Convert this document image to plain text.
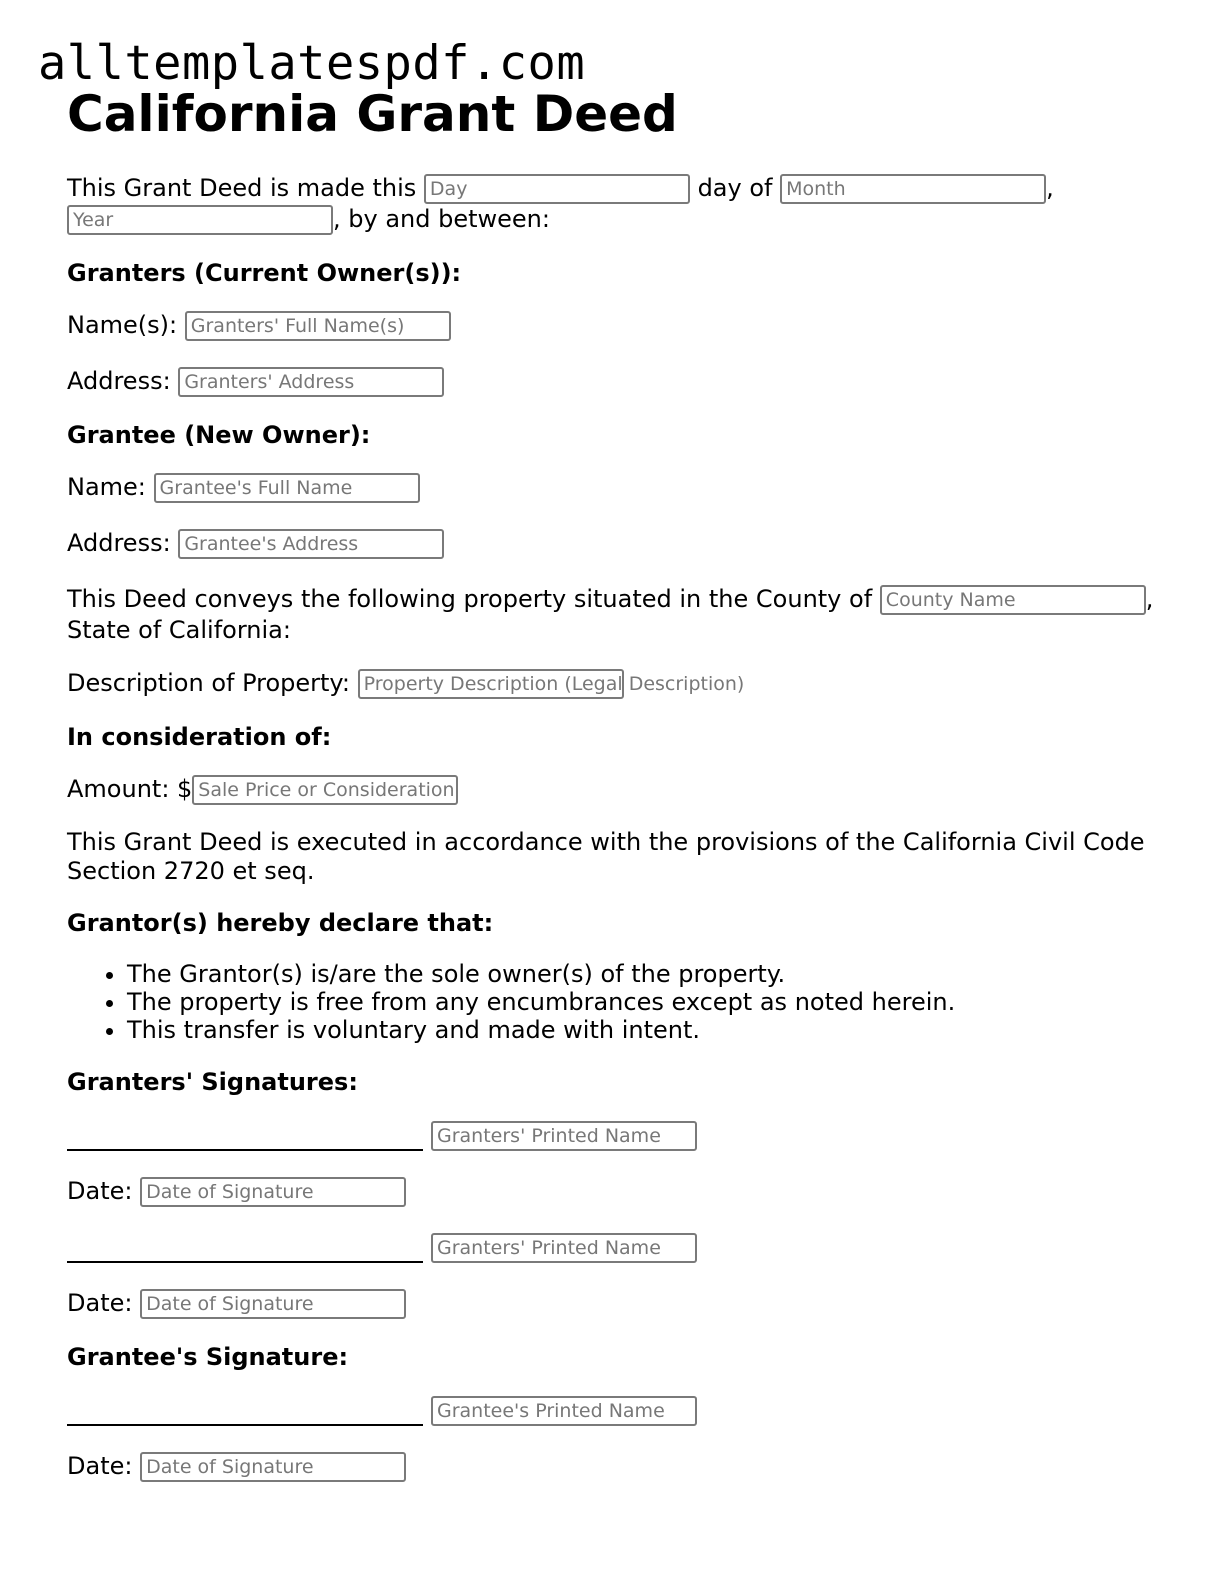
alltemplatespdf.com
California Grant Deed

This Grant Deed is made this Day	day of Month	,
Year	, by and between:

Granters (Current Owner(s)):

Name(s): Granters' Full Name(s)

Address: Granters' Address

Grantee (New Owner):

Name: Grantee's Full Name

Address: Grantee's Address

This Deed conveys the following property situated in the County of County Name	,
State of California:

Description of Property: Property Description (Legal Description)

In consideration of:

Amount: $ Sale Price or Consideration

This Grant Deed is executed in accordance with the provisions of the California Civil Code Section 2720 et seq.

Grantor(s) hereby declare that:

• The Grantor(s) is/are the sole owner(s) of the property.
• The property is free from any encumbrances except as noted herein.
• This transfer is voluntary and made with intent.

Granters' Signatures:

Granters' Printed Name

Date: Date of Signature

Granters' Printed Name

Date: Date of Signature

Grantee's Signature:

Grantee's Printed Name

Date: Date of Signature
